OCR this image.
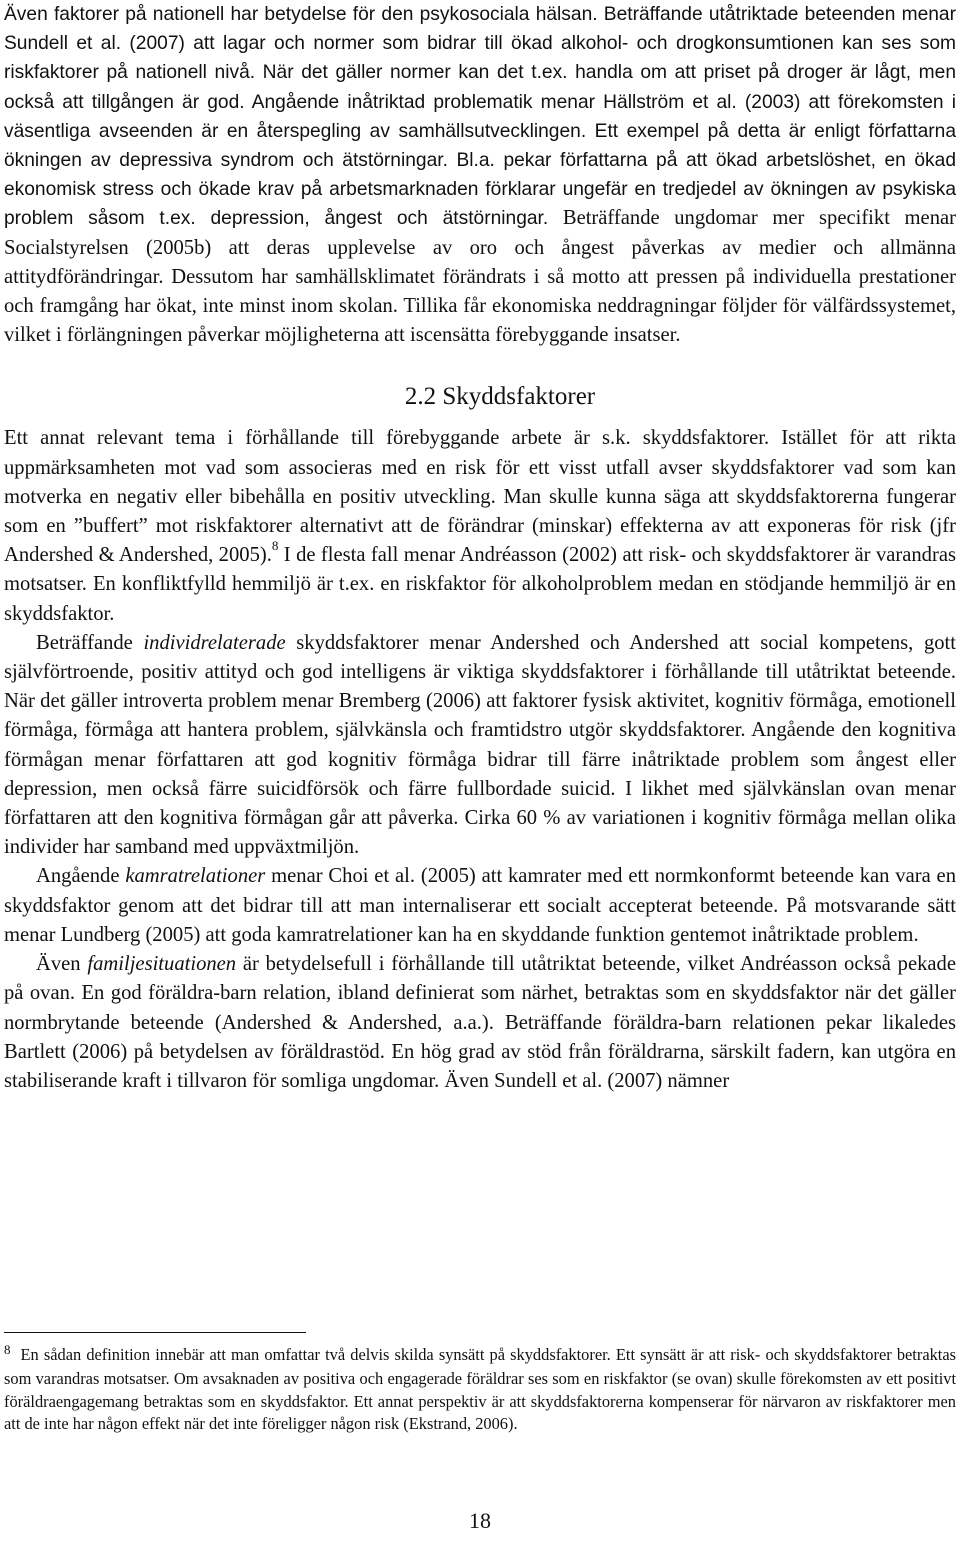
Även faktorer på nationell har betydelse för den psykosociala hälsan. Beträffande utåtriktade beteenden menar Sundell et al. (2007) att lagar och normer som bidrar till ökad alkohol- och drogkonsumtionen kan ses som riskfaktorer på nationell nivå. När det gäller normer kan det t.ex. handla om att priset på droger är lågt, men också att tillgången är god. Angående inåtriktad problematik menar Hällström et al. (2003) att förekomsten i väsentliga avseenden är en återspegling av samhällsutvecklingen. Ett exempel på detta är enligt författarna ökningen av depressiva syndrom och ätstörningar. Bl.a. pekar författarna på att ökad arbetslöshet, en ökad ekonomisk stress och ökade krav på arbetsmarknaden förklarar ungefär en tredjedel av ökningen av psykiska problem såsom t.ex. depression, ångest och ätstörningar. Beträffande ungdomar mer specifikt menar Socialstyrelsen (2005b) att deras upplevelse av oro och ångest påverkas av medier och allmänna attitydförändringar. Dessutom har samhällsklimatet förändrats i så motto att pressen på individuella prestationer och framgång har ökat, inte minst inom skolan. Tillika får ekonomiska neddragningar följder för välfärdssystemet, vilket i förlängningen påverkar möjligheterna att iscensätta förebyggande insatser.

2.2 Skyddsfaktorer

Ett annat relevant tema i förhållande till förebyggande arbete är s.k. skyddsfaktorer. Istället för att rikta uppmärksamheten mot vad som associeras med en risk för ett visst utfall avser skyddsfaktorer vad som kan motverka en negativ eller bibehålla en positiv utveckling. Man skulle kunna säga att skyddsfaktorerna fungerar som en ”buffert” mot riskfaktorer alternativt att de förändrar (minskar) effekterna av att exponeras för risk (jfr Andershed & Andershed, 2005).$^8$ I de flesta fall menar Andréasson (2002) att risk- och skyddsfaktorer är varandras motsatser. En konfliktfylld hemmiljö är t.ex. en riskfaktor för alkoholproblem medan en stödjande hemmiljö är en skyddsfaktor.

Beträffande individrelaterade skyddsfaktorer menar Andershed och Andershed att social kompetens, gott självförtroende, positiv attityd och god intelligens är viktiga skyddsfaktorer i förhållande till utåtriktat beteende. När det gäller introverta problem menar Bremberg (2006) att faktorer fysisk aktivitet, kognitiv förmåga, emotionell förmåga, förmåga att hantera problem, självkänsla och framtidstro utgör skyddsfaktorer. Angående den kognitiva förmågan menar författaren att god kognitiv förmåga bidrar till färre inåtriktade problem som ångest eller depression, men också färre suicidförsök och färre fullbordade suicid. I likhet med självkänslan ovan menar författaren att den kognitiva förmågan går att påverka. Cirka 60 % av variationen i kognitiv förmåga mellan olika individer har samband med uppväxtmiljön.

Angående kamratrelationer menar Choi et al. (2005) att kamrater med ett normkonformt beteende kan vara en skyddsfaktor genom att det bidrar till att man internaliserar ett socialt accepterat beteende. På motsvarande sätt menar Lundberg (2005) att goda kamratrelationer kan ha en skyddande funktion gentemot inåtriktade problem.

Även familjesituationen är betydelsefull i förhållande till utåtriktat beteende, vilket Andréasson också pekade på ovan. En god föräldra-barn relation, ibland definierat som närhet, betraktas som en skyddsfaktor när det gäller normbrytande beteende (Andershed & Andershed, a.a.). Beträffande föräldra-barn relationen pekar likaledes Bartlett (2006) på betydelsen av föräldrastöd. En hög grad av stöd från föräldrarna, särskilt fadern, kan utgöra en stabiliserande kraft i tillvaron för somliga ungdomar. Även Sundell et al. (2007) nämner

$^8$ En sådan definition innebär att man omfattar två delvis skilda synsätt på skyddsfaktorer. Ett synsätt är att risk- och skyddsfaktorer betraktas som varandras motsatser. Om avsaknaden av positiva och engagerade föräldrar ses som en riskfaktor (se ovan) skulle förekomsten av ett positivt föräldraengagemang betraktas som en skyddsfaktor. Ett annat perspektiv är att skyddsfaktorerna kompenserar för närvaron av riskfaktorer men att de inte har någon effekt när det inte föreligger någon risk (Ekstrand, 2006).

18
